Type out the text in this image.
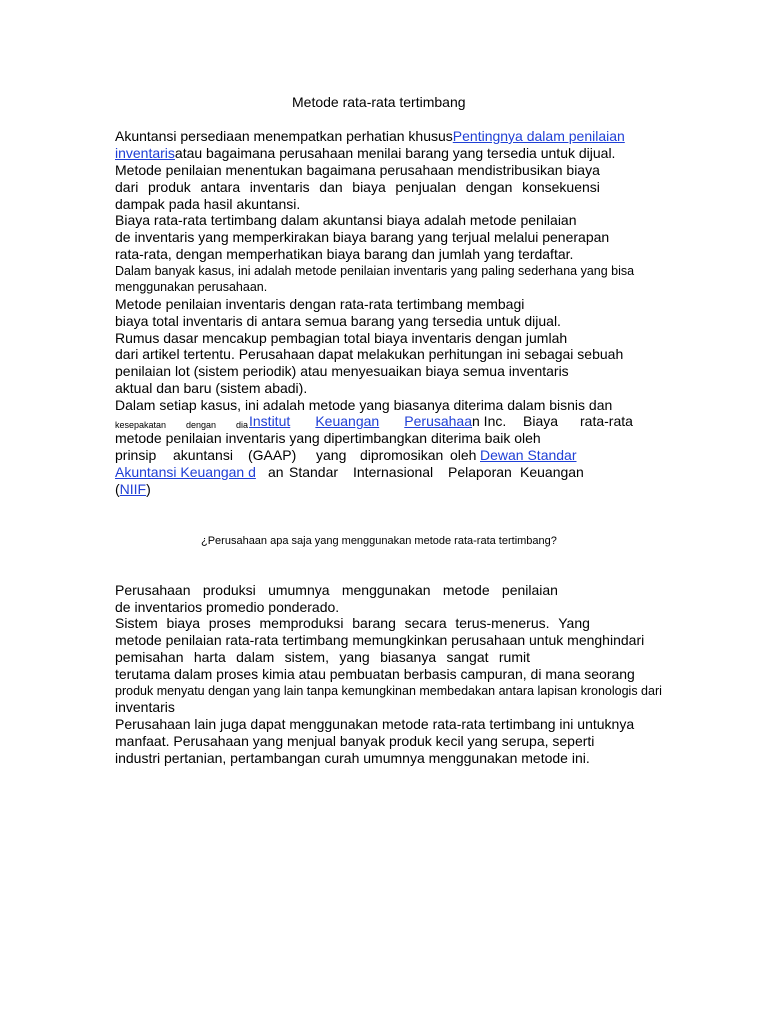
Metode rata-rata tertimbang
Akuntansi persediaan menempatkan perhatian khususPentingnya dalam penilaian
inventarisatau bagaimana perusahaan menilai barang yang tersedia untuk dijual.
Metode penilaian menentukan bagaimana perusahaan mendistribusikan biaya
dari produk antara inventaris dan biaya penjualan dengan konsekuensi
dampak pada hasil akuntansi.
Biaya rata-rata tertimbang dalam akuntansi biaya adalah metode penilaian
de inventaris yang memperkirakan biaya barang yang terjual melalui penerapan
rata-rata, dengan memperhatikan biaya barang dan jumlah yang terdaftar.
Dalam banyak kasus, ini adalah metode penilaian inventaris yang paling sederhana yang bisa
menggunakan perusahaan.
Metode penilaian inventaris dengan rata-rata tertimbang membagi
biaya total inventaris di antara semua barang yang tersedia untuk dijual.
Rumus dasar mencakup pembagian total biaya inventaris dengan jumlah
dari artikel tertentu. Perusahaan dapat melakukan perhitungan ini sebagai sebuah
penilaian lot (sistem periodik) atau menyesuaikan biaya semua inventaris
aktual dan baru (sistem abadi).
Dalam setiap kasus, ini adalah metode yang biasanya diterima dalam bisnis dan
kesepakatan dengan dia Institut Keuangan Perusahaa n Inc. Biaya rata-rata
metode penilaian inventaris yang dipertimbangkan diterima baik oleh
prinsip akuntansi (GAAP) yang dipromosikan oleh Dewan Standar
Akuntansi Keuangan d an Standar Internasional Pelaporan Keuangan
(NIIF)
¿Perusahaan apa saja yang menggunakan metode rata-rata tertimbang?
Perusahaan produksi umumnya menggunakan metode penilaian
de inventarios promedio ponderado.
Sistem biaya proses memproduksi barang secara terus-menerus. Yang
metode penilaian rata-rata tertimbang memungkinkan perusahaan untuk menghindari
pemisahan harta dalam sistem, yang biasanya sangat rumit
terutama dalam proses kimia atau pembuatan berbasis campuran, di mana seorang
produk menyatu dengan yang lain tanpa kemungkinan membedakan antara lapisan kronologis dari
inventaris
Perusahaan lain juga dapat menggunakan metode rata-rata tertimbang ini untuknya
manfaat. Perusahaan yang menjual banyak produk kecil yang serupa, seperti
industri pertanian, pertambangan curah umumnya menggunakan metode ini.
